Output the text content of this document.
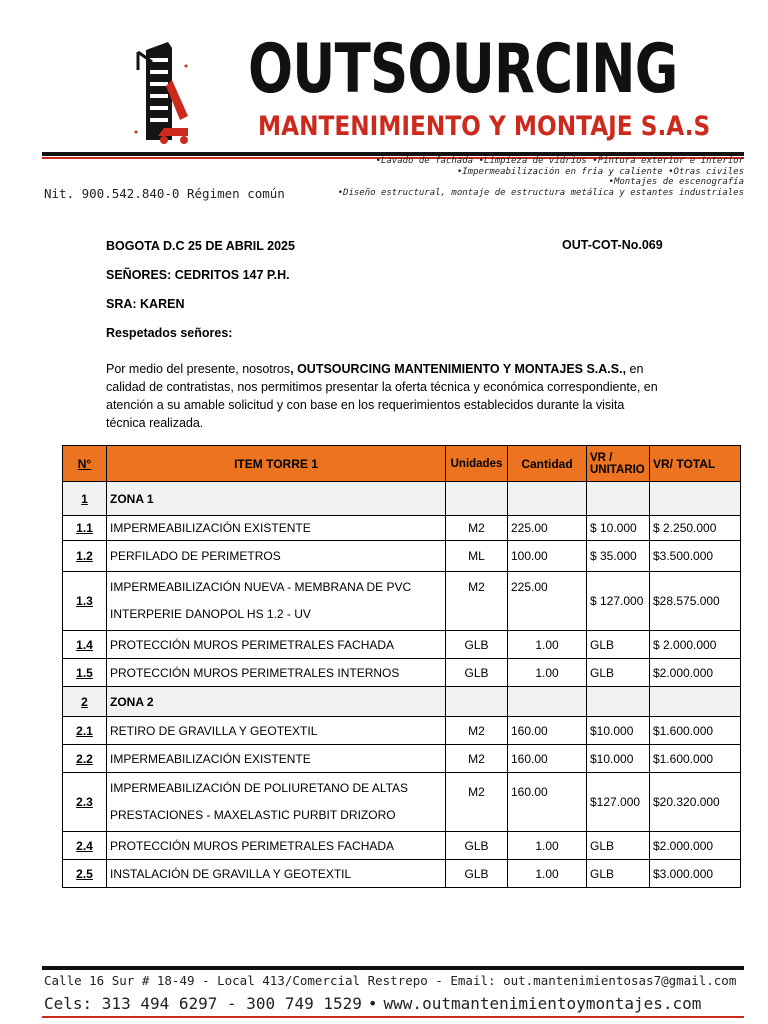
OUTSOURCING
MANTENIMIENTO Y MONTAJE S.A.S
•Lavado de fachada •Limpieza de vidrios •Pintura exterior e interior
•Impermeabilización en fría y caliente •Otras civiles
•Montajes de escenografía
•Diseño estructural, montaje de estructura metálica y estantes industriales
Nit. 900.542.840-0 Régimen común
BOGOTA D.C 25 DE ABRIL 2025	OUT-COT-No.069
SEÑORES: CEDRITOS 147 P.H.
SRA: KAREN
Respetados señores:
Por medio del presente, nosotros, OUTSOURCING MANTENIMIENTO Y MONTAJES S.A.S., en calidad de contratistas, nos permitimos presentar la oferta técnica y económica correspondiente, en atención a su amable solicitud y con base en los requerimientos establecidos durante la visita técnica realizada.
N°	ITEM TORRE 1	Unidades	Cantidad	VR / UNITARIO	VR/ TOTAL
1	ZONA 1				
1.1	IMPERMEABILIZACIÓN EXISTENTE	M2	225.00	$ 10.000	$ 2.250.000
1.2	PERFILADO DE PERIMETROS	ML	100.00	$ 35.000	$3.500.000
1.3	IMPERMEABILIZACIÓN NUEVA - MEMBRANA DE PVC INTERPERIE DANOPOL HS 1.2 - UV	M2	225.00	$ 127.000	$28.575.000
1.4	PROTECCIÓN MUROS PERIMETRALES FACHADA	GLB	1.00	GLB	$ 2.000.000
1.5	PROTECCIÓN MUROS PERIMETRALES INTERNOS	GLB	1.00	GLB	$2.000.000
2	ZONA 2				
2.1	RETIRO DE GRAVILLA Y GEOTEXTIL	M2	160.00	$10.000	$1.600.000
2.2	IMPERMEABILIZACIÓN EXISTENTE	M2	160.00	$10.000	$1.600.000
2.3	IMPERMEABILIZACIÓN DE POLIURETANO DE ALTAS PRESTACIONES - MAXELASTIC PURBIT DRIZORO	M2	160.00	$127.000	$20.320.000
2.4	PROTECCIÓN MUROS PERIMETRALES FACHADA	GLB	1.00	GLB	$2.000.000
2.5	INSTALACIÓN DE GRAVILLA Y GEOTEXTIL	GLB	1.00	GLB	$3.000.000
Calle 16 Sur # 18-49 - Local 413/Comercial Restrepo - Email: out.mantenimientosas7@gmail.com
Cels: 313 494 6297 - 300 749 1529 • www.outmantenimientoymontajes.com
